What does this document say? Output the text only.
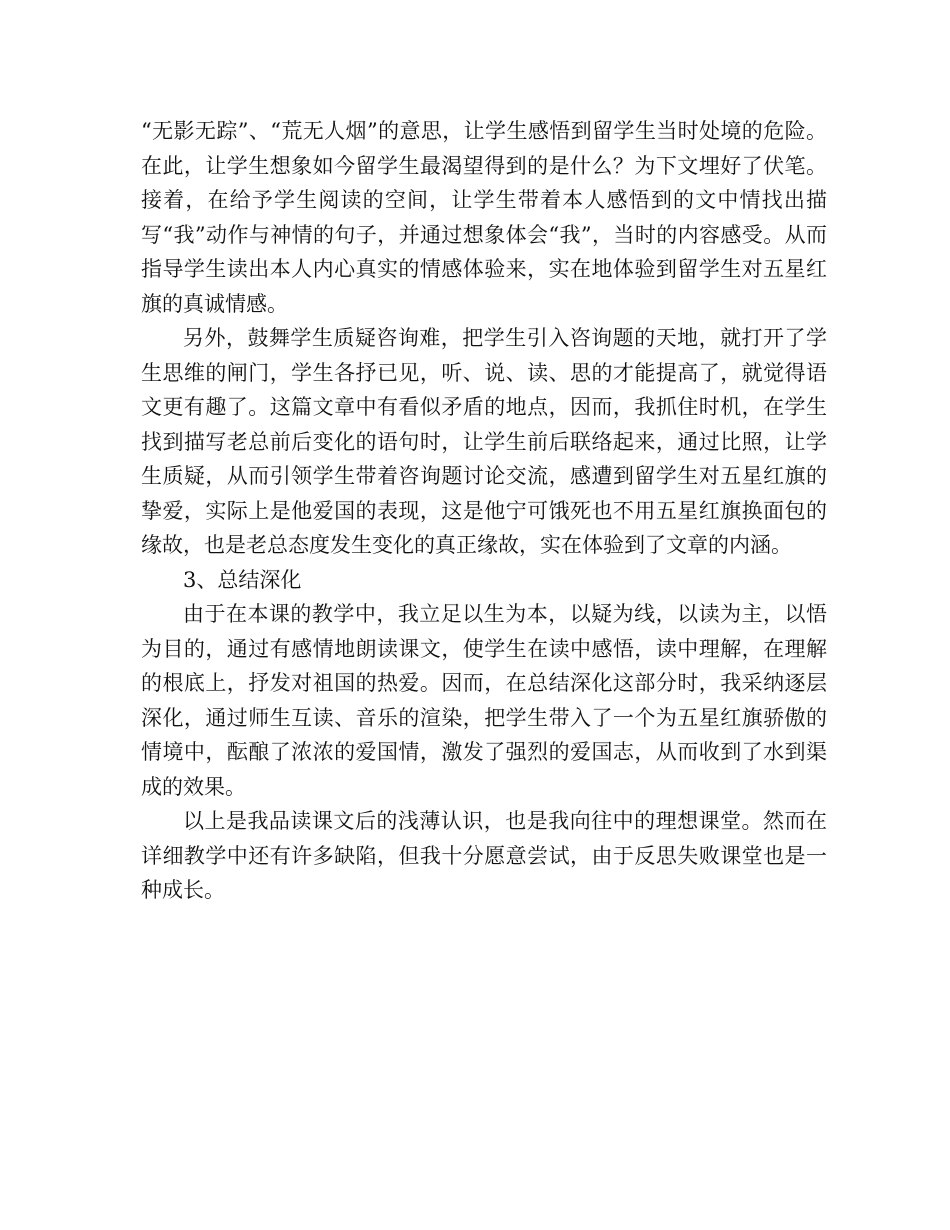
“无影无踪”、“荒无人烟”的意思，让学生感悟到留学生当时处境的危险。在此，让学生想象如今留学生最渴望得到的是什么？为下文埋好了伏笔。接着，在给予学生阅读的空间，让学生带着本人感悟到的文中情找出描写“我”动作与神情的句子，并通过想象体会“我”，当时的内容感受。从而指导学生读出本人内心真实的情感体验来，实在地体验到留学生对五星红旗的真诚情感。

另外，鼓舞学生质疑咨询难，把学生引入咨询题的天地，就打开了学生思维的闸门，学生各抒已见，听、说、读、思的才能提高了，就觉得语文更有趣了。这篇文章中有看似矛盾的地点，因而，我抓住时机，在学生找到描写老总前后变化的语句时，让学生前后联络起来，通过比照，让学生质疑，从而引领学生带着咨询题讨论交流，感遭到留学生对五星红旗的挚爱，实际上是他爱国的表现，这是他宁可饿死也不用五星红旗换面包的缘故，也是老总态度发生变化的真正缘故，实在体验到了文章的内涵。

3、总结深化

由于在本课的教学中，我立足以生为本，以疑为线，以读为主，以悟为目的，通过有感情地朗读课文，使学生在读中感悟，读中理解，在理解的根底上，抒发对祖国的热爱。因而，在总结深化这部分时，我采纳逐层深化，通过师生互读、音乐的渲染，把学生带入了一个为五星红旗骄傲的情境中，酝酿了浓浓的爱国情，激发了强烈的爱国志，从而收到了水到渠成的效果。

以上是我品读课文后的浅薄认识，也是我向往中的理想课堂。然而在详细教学中还有许多缺陷，但我十分愿意尝试，由于反思失败课堂也是一种成长。
